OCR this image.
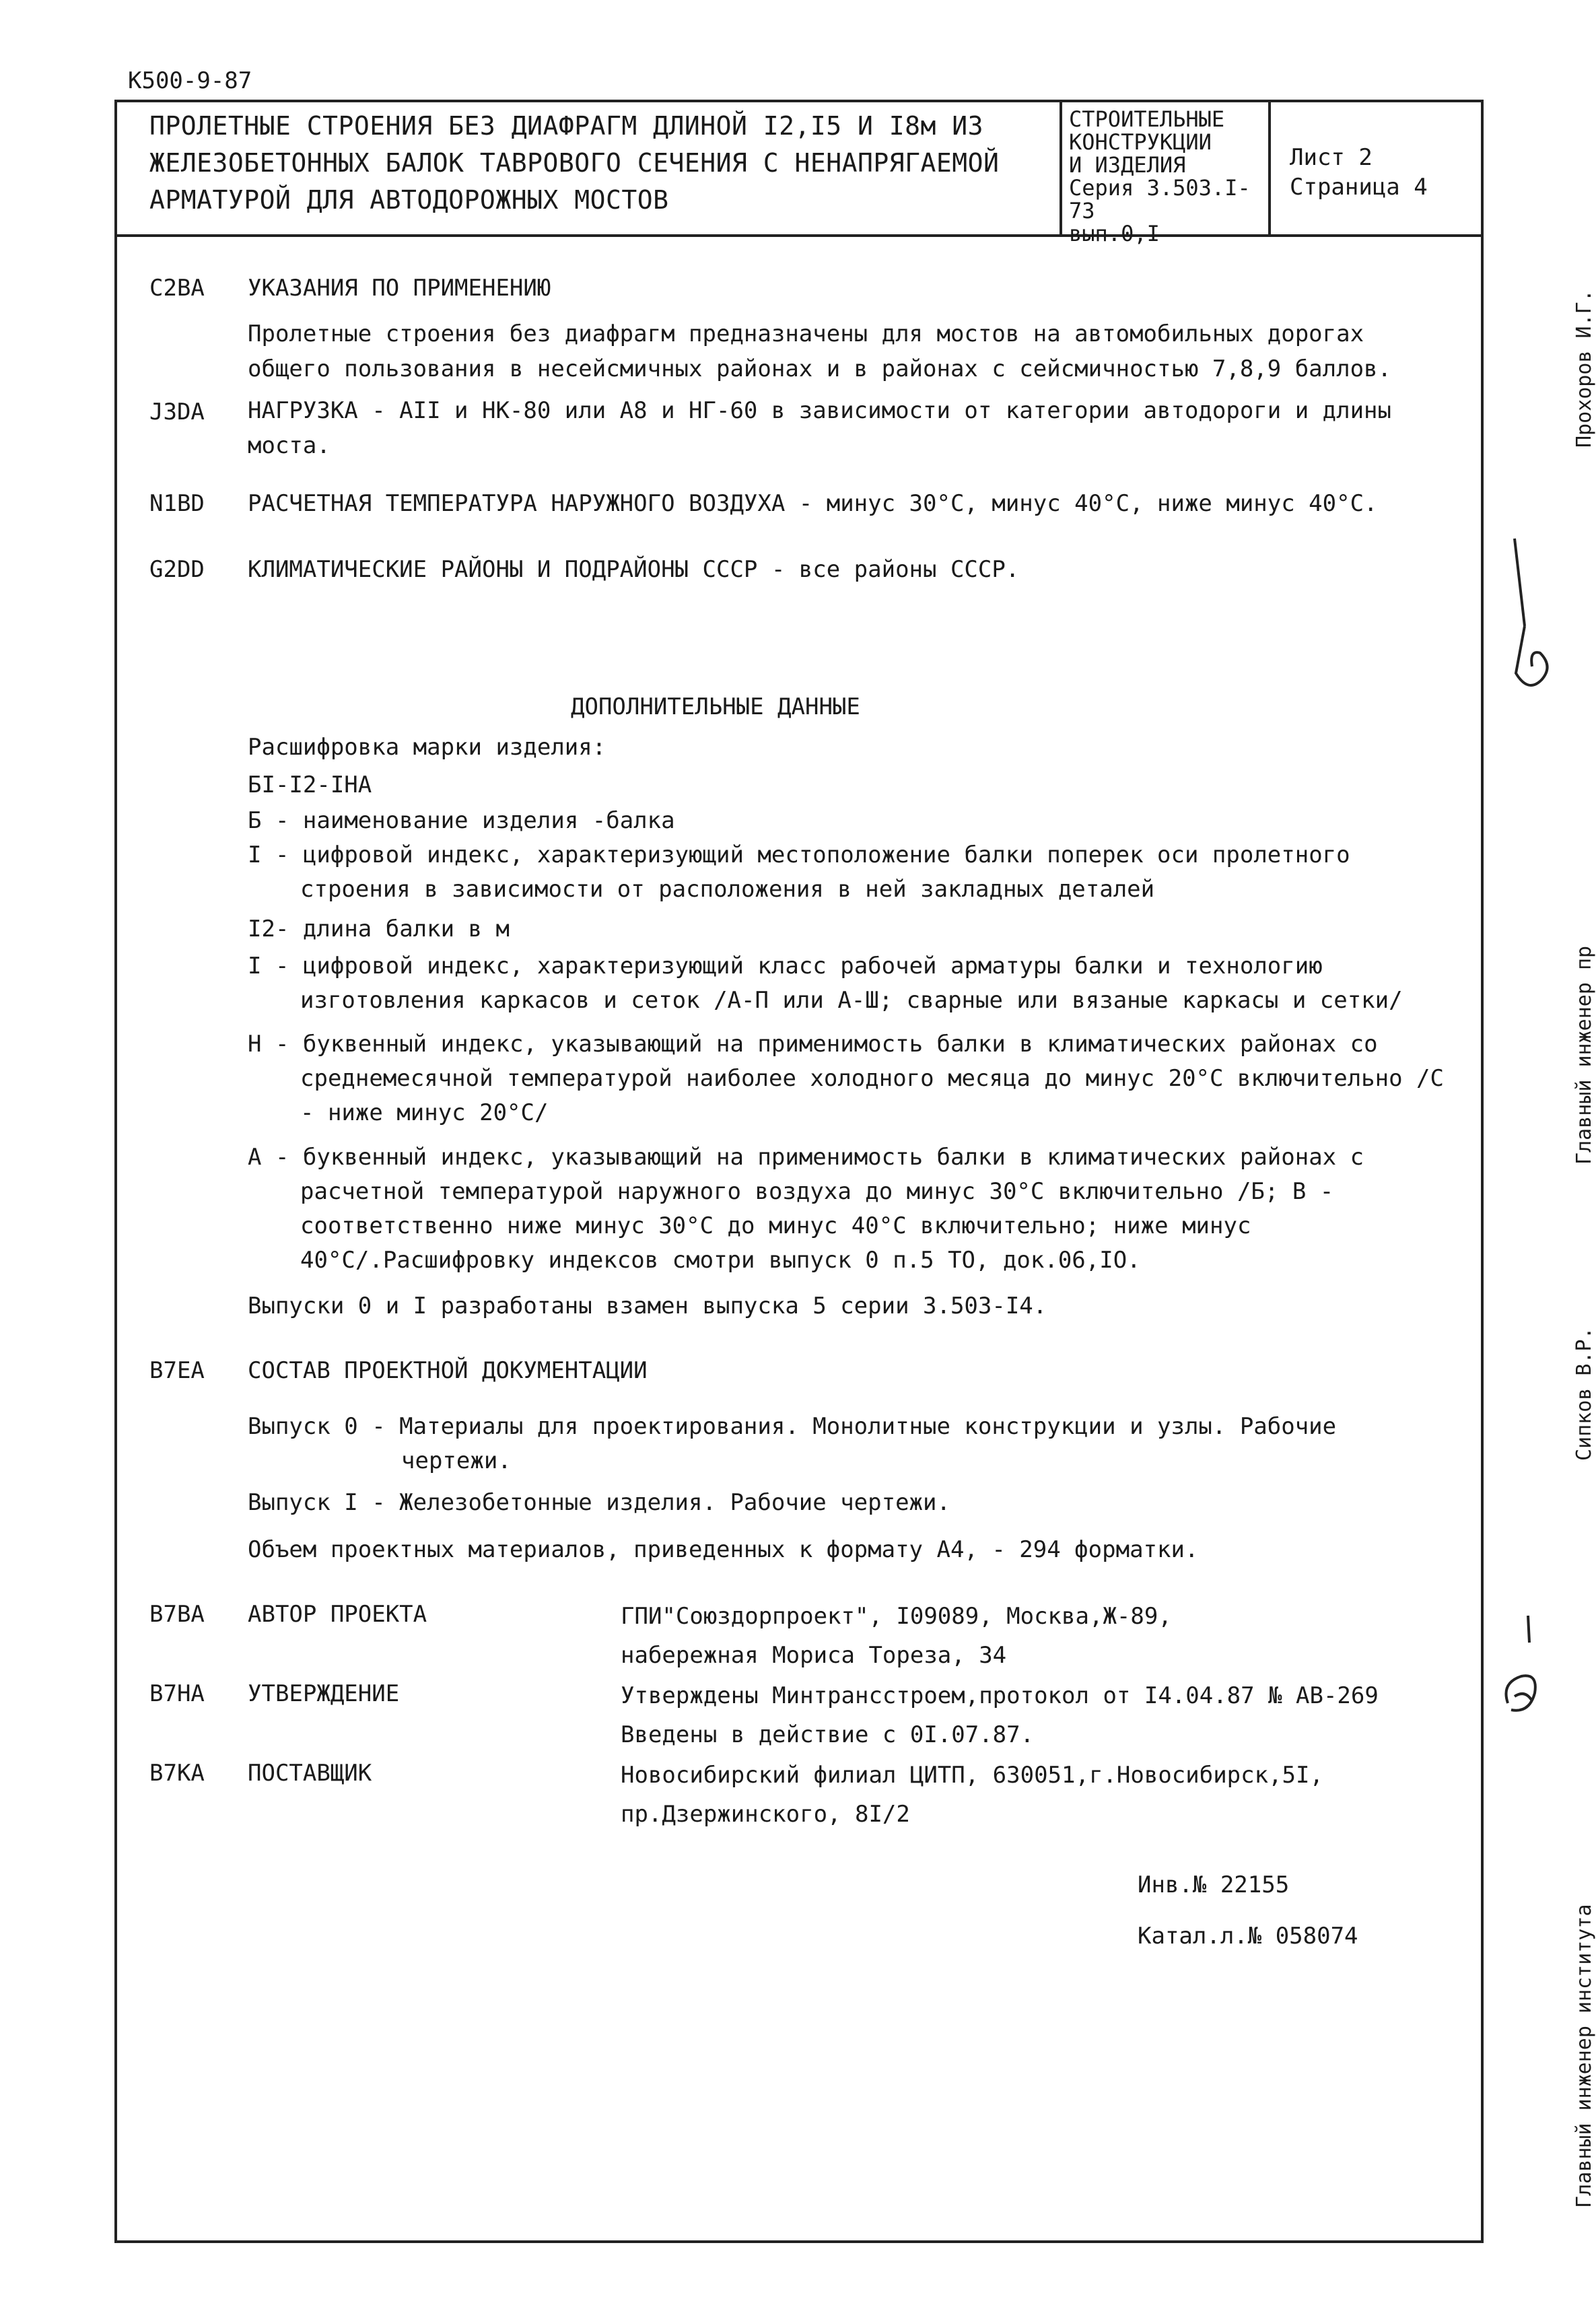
K500-9-87
ПРОЛЕТНЫЕ СТРОЕНИЯ БЕЗ ДИАФРАГМ ДЛИНОЙ I2,I5 И I8м ИЗ
ЖЕЛЕЗОБЕТОННЫХ БАЛОК ТАВРОВОГО СЕЧЕНИЯ С НЕНАПРЯГАЕМОЙ
АРМАТУРОЙ ДЛЯ АВТОДОРОЖНЫХ МОСТОВ
СТРОИТЕЛЬНЫЕ
КОНСТРУКЦИИ
И ИЗДЕЛИЯ
Серия 3.503.I-73
вып.0,I
Лист 2
Страница 4
C2BA УКАЗАНИЯ ПО ПРИМЕНЕНИЮ
Пролетные строения без диафрагм предназначены для мостов на автомобильных дорогах
общего пользования в несейсмичных районах и в районах с сейсмичностью 7,8,9 баллов.
J3DA НАГРУЗКА - АII и НК-80 или А8 и НГ-60 в зависимости от категории автодороги и длины
моста.
N1BD РАСЧЕТНАЯ ТЕМПЕРАТУРА НАРУЖНОГО ВОЗДУХА - минус 30°С, минус 40°С, ниже минус 40°С.
G2DD КЛИМАТИЧЕСКИЕ РАЙОНЫ И ПОДРАЙОНЫ СССР - все районы СССР.
ДОПОЛНИТЕЛЬНЫЕ ДАННЫЕ
Расшифровка марки изделия:
БI-I2-IНА
Б - наименование изделия -балка
I - цифровой индекс, характеризующий местоположение балки поперек оси пролетного строения в зависимости от расположения в ней закладных деталей
I2- длина балки в м
I - цифровой индекс, характеризующий класс рабочей арматуры балки и технологию изготовления каркасов и сеток /А-П или А-Ш; сварные или вязаные каркасы и сетки/
Н - буквенный индекс, указывающий на применимость балки в климатических районах со среднемесячной температурой наиболее холодного месяца до минус 20°С включительно /С - ниже минус 20°С/
А - буквенный индекс, указывающий на применимость балки в климатических районах с расчетной температурой наружного воздуха до минус 30°С включительно /Б; В - соответственно ниже минус 30°С до минус 40°С включительно; ниже минус 40°С/.Расшифровку индексов смотри выпуск 0 п.5 ТО, док.06,IO.
Выпуски 0 и I разработаны взамен выпуска 5 серии 3.503-I4.
B7EA СОСТАВ ПРОЕКТНОЙ ДОКУМЕНТАЦИИ
Выпуск 0 - Материалы для проектирования. Монолитные конструкции и узлы. Рабочие чертежи.
Выпуск I - Железобетонные изделия. Рабочие чертежи.
Объем проектных материалов, приведенных к формату А4, - 294 форматки.
B7BA АВТОР ПРОЕКТА	ГПИ"Союздорпроект", I09089, Москва,Ж-89,
набережная Мориса Тореза, 34
B7HA УТВЕРЖДЕНИЕ	Утверждены Минтрансстроем,протокол от I4.04.87 № АВ-269
Введены в действие с 0I.07.87.
B7KA ПОСТАВЩИК	Новосибирский филиал ЦИТП, 630051,г.Новосибирск,5I,
пр.Дзержинского, 8I/2
Инв.№ 22155
Катал.л.№ 058074
Прохоров И.Г.
Главный инженер пр
Сипков В.Р.
Главный инженер института
